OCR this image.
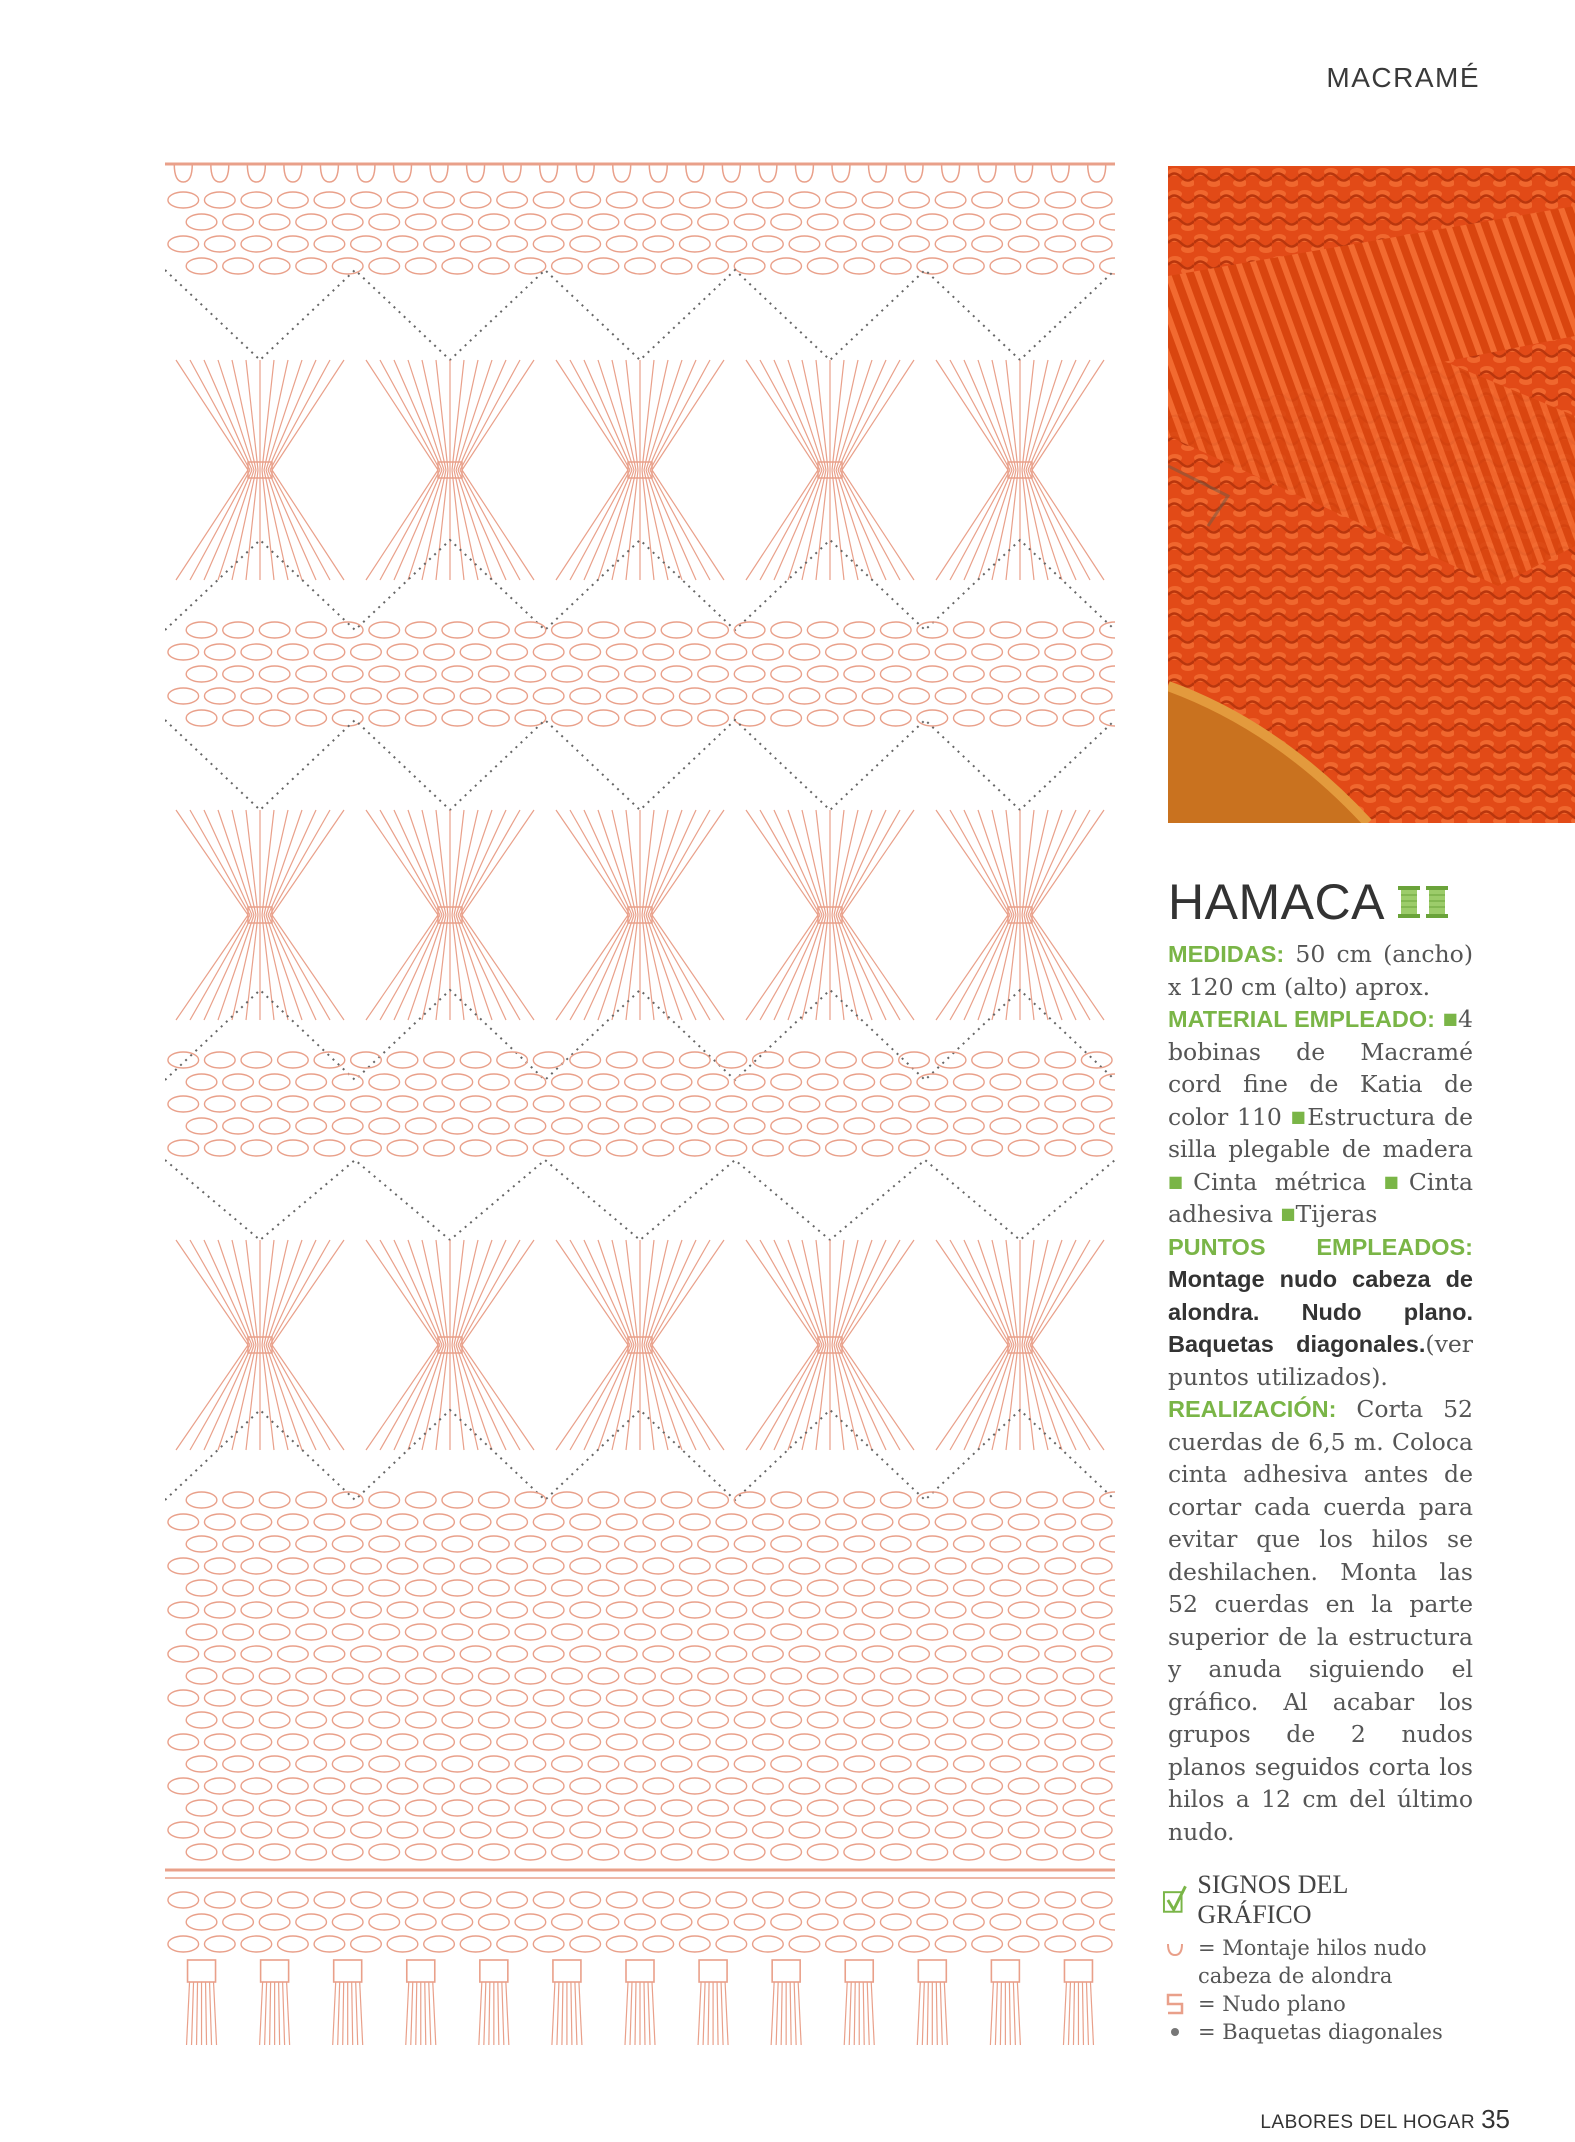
MACRAMÉ
HAMACA

MEDIDAS: 50 cm (ancho) x 120 cm (alto) aprox.

MATERIAL EMPLEADO: ■4 bobinas de Macramé cord fine de Katia de color 110 ■Estructura de silla plegable de madera ■Cinta métrica ■Cinta adhesiva ■Tijeras

PUNTOS EMPLEADOS: Montage nudo cabeza de alondra. Nudo plano. Baquetas diagonales.(ver puntos utilizados).

REALIZACIÓN: Corta 52 cuerdas de 6,5 m. Coloca cinta adhesiva antes de cortar cada cuerda para evitar que los hilos se deshilachen. Monta las 52 cuerdas en la parte superior de la estructura y anuda siguiendo el gráfico. Al acabar los grupos de 2 nudos planos seguidos corta los hilos a 12 cm del último nudo.

SIGNOS DEL GRÁFICO
= Montaje hilos nudo cabeza de alondra
= Nudo plano
= Baquetas diagonales
LABORES DEL HOGAR 35
